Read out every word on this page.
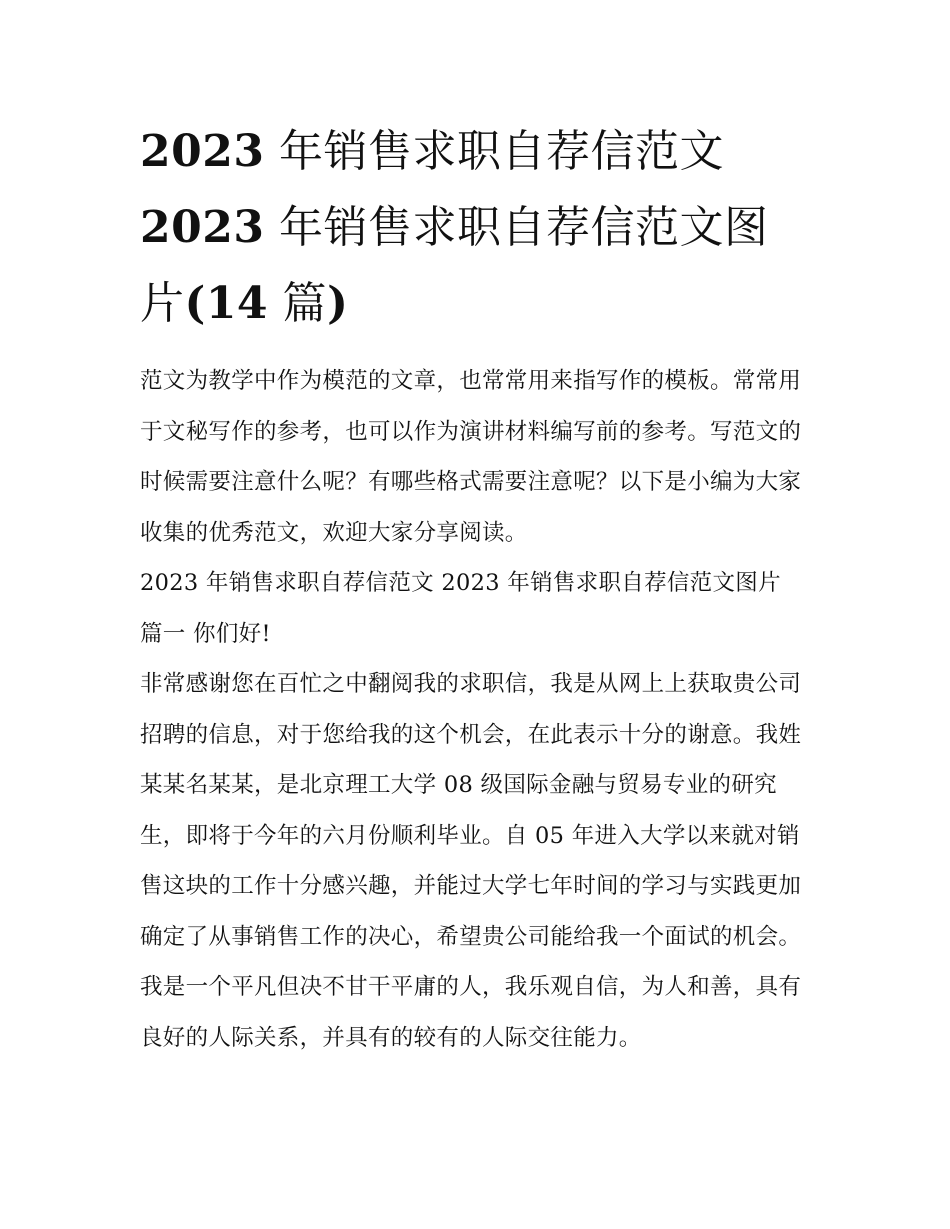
2023 年销售求职自荐信范文
2023 年销售求职自荐信范文图
片(14 篇)

范文为教学中作为模范的文章，也常常用来指写作的模板。常常用于文秘写作的参考，也可以作为演讲材料编写前的参考。写范文的时候需要注意什么呢？有哪些格式需要注意呢？以下是小编为大家收集的优秀范文，欢迎大家分享阅读。

2023 年销售求职自荐信范文 2023 年销售求职自荐信范文图片

篇一 你们好!

非常感谢您在百忙之中翻阅我的求职信，我是从网上上获取贵公司招聘的信息，对于您给我的这个机会，在此表示十分的谢意。我姓某某名某某，是北京理工大学 08 级国际金融与贸易专业的研究生，即将于今年的六月份顺利毕业。自 05 年进入大学以来就对销售这块的工作十分感兴趣，并能过大学七年时间的学习与实践更加确定了从事销售工作的决心，希望贵公司能给我一个面试的机会。我是一个平凡但决不甘干平庸的人，我乐观自信，为人和善，具有良好的人际关系，并具有的较有的人际交往能力。
